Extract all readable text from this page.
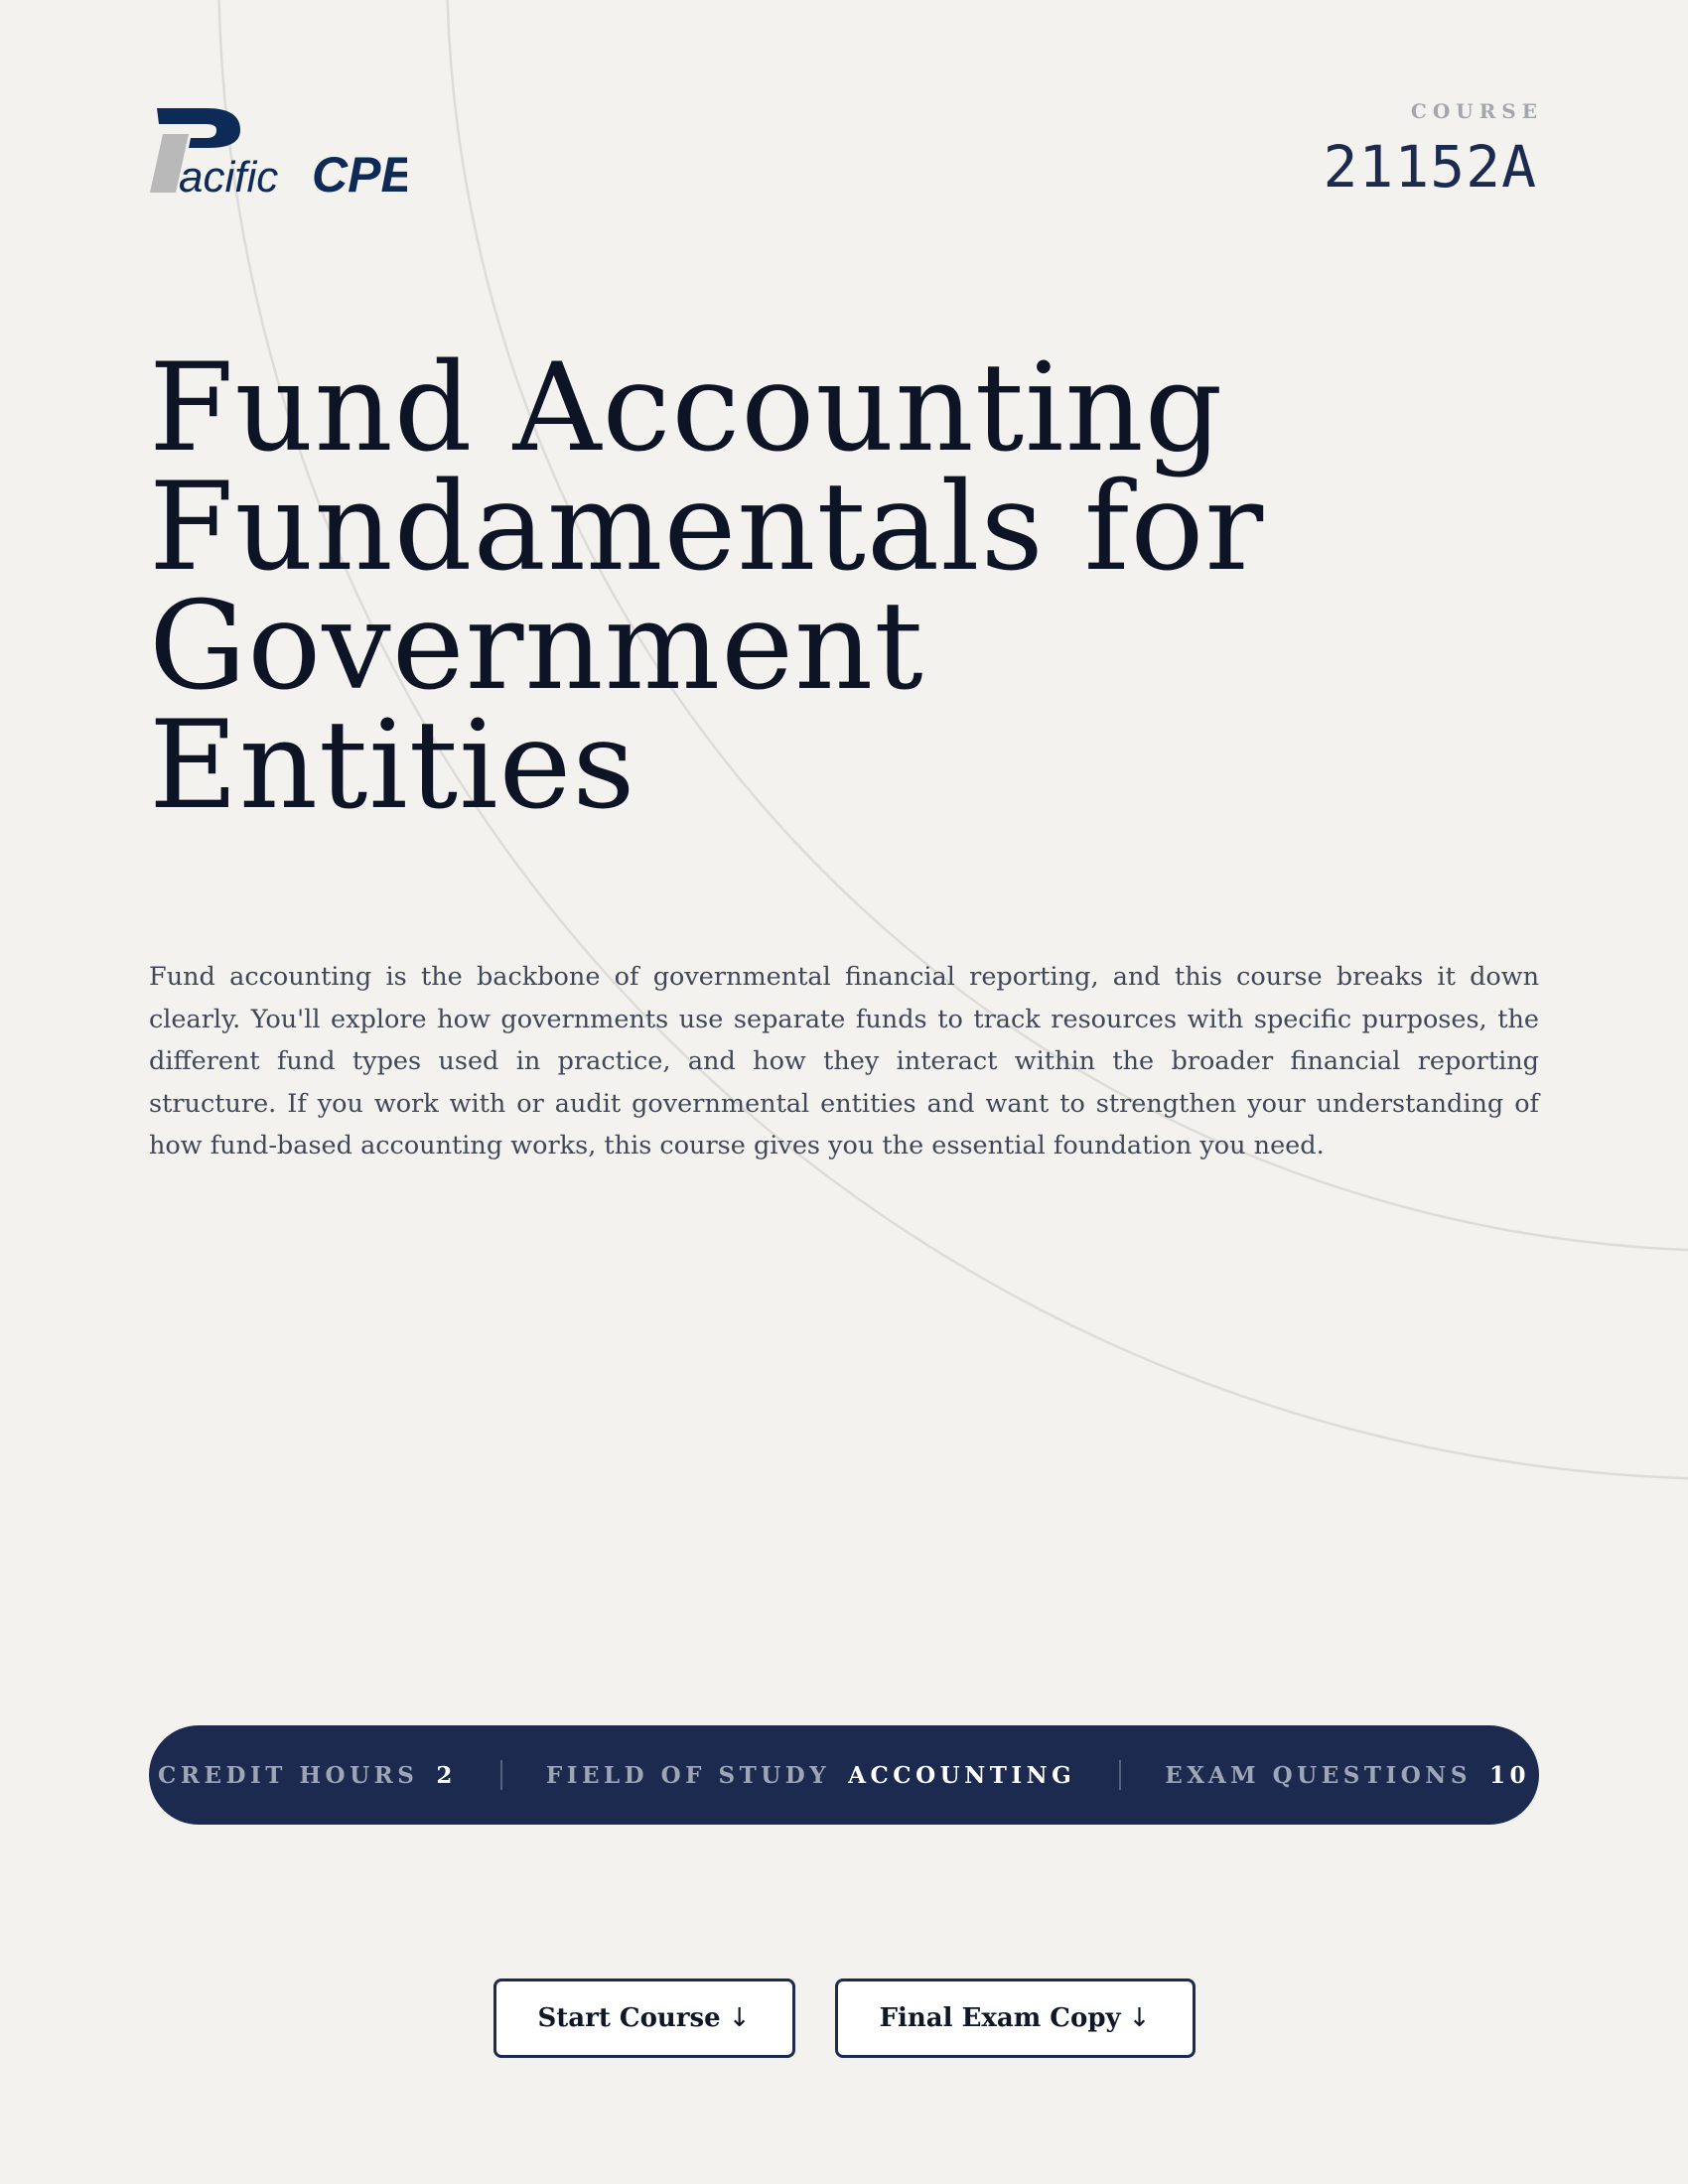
acific CPE
COURSE
21152A
Fund Accounting
Fundamentals for
Government
Entities

Fund accounting is the backbone of governmental financial reporting, and this course breaks it down clearly. You'll explore how governments use separate funds to track resources with specific purposes, the different fund types used in practice, and how they interact within the broader financial reporting structure. If you work with or audit governmental entities and want to strengthen your understanding of how fund-based accounting works, this course gives you the essential foundation you need.

CREDIT HOURS 2	FIELD OF STUDY ACCOUNTING	EXAM QUESTIONS 10
Start Course ↓	Final Exam Copy ↓
